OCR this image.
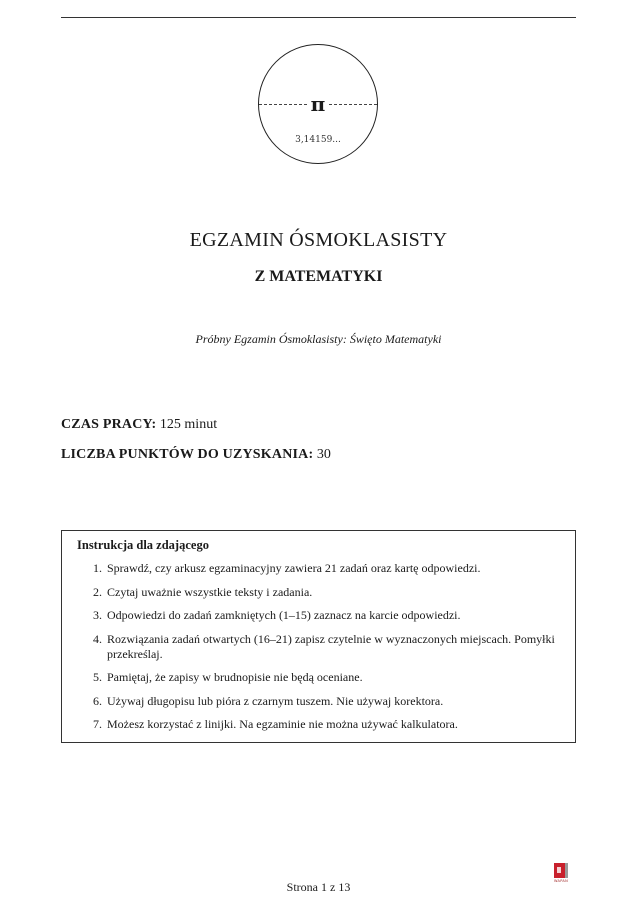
π
3,14159...
EGZAMIN ÓSMOKLASISTY
Z MATEMATYKI
Próbny Egzamin Ósmoklasisty: Święto Matematyki
CZAS PRACY: 125 minut
LICZBA PUNKTÓW DO UZYSKANIA: 30
Instrukcja dla zdającego
1. Sprawdź, czy arkusz egzaminacyjny zawiera 21 zadań oraz kartę odpowiedzi.
2. Czytaj uważnie wszystkie teksty i zadania.
3. Odpowiedzi do zadań zamkniętych (1–15) zaznacz na karcie odpowiedzi.
4. Rozwiązania zadań otwartych (16–21) zapisz czytelnie w wyznaczonych miejscach. Pomyłki przekreślaj.
5. Pamiętaj, że zapisy w brudnopisie nie będą oceniane.
6. Używaj długopisu lub pióra z czarnym tuszem. Nie używaj korektora.
7. Możesz korzystać z linijki. Na egzaminie nie można używać kalkulatora.
Strona 1 z 13	WAPAN
